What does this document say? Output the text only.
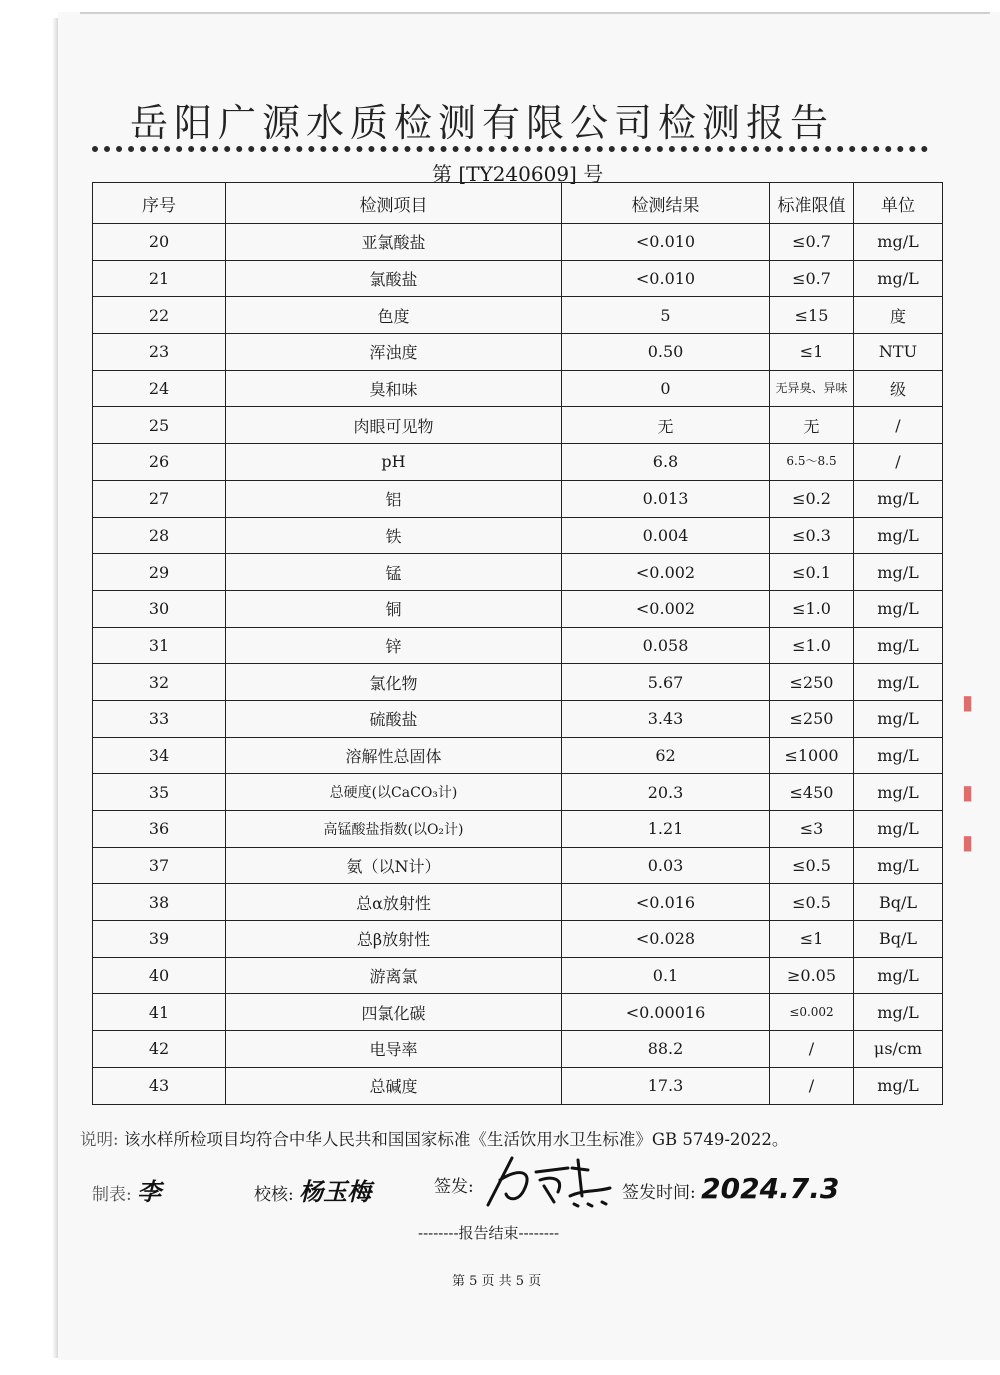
岳阳广源水质检测有限公司检测报告
第 [TY240609] 号
序号	检测项目	检测结果	标准限值	单位
20	亚氯酸盐	<0.010	≤0.7	mg/L
21	氯酸盐	<0.010	≤0.7	mg/L
22	色度	5	≤15	度
23	浑浊度	0.50	≤1	NTU
24	臭和味	0	无异臭、异味	级
25	肉眼可见物	无	无	/
26	pH	6.8	6.5～8.5	/
27	铝	0.013	≤0.2	mg/L
28	铁	0.004	≤0.3	mg/L
29	锰	<0.002	≤0.1	mg/L
30	铜	<0.002	≤1.0	mg/L
31	锌	0.058	≤1.0	mg/L
32	氯化物	5.67	≤250	mg/L
33	硫酸盐	3.43	≤250	mg/L
34	溶解性总固体	62	≤1000	mg/L
35	总硬度(以CaCO₃计)	20.3	≤450	mg/L
36	高锰酸盐指数(以O₂计)	1.21	≤3	mg/L
37	氨（以N计）	0.03	≤0.5	mg/L
38	总α放射性	<0.016	≤0.5	Bq/L
39	总β放射性	<0.028	≤1	Bq/L
40	游离氯	0.1	≥0.05	mg/L
41	四氯化碳	<0.00016	≤0.002	mg/L
42	电导率	88.2	/	μs/cm
43	总碱度	17.3	/	mg/L
说明: 该水样所检项目均符合中华人民共和国国家标准《生活饮用水卫生标准》GB 5749-2022。
制表: 李	校核: 杨玉梅	签发:	签发时间: 2024.7.3
--------报告结束--------
第 5 页 共 5 页
▮
▮
▮
